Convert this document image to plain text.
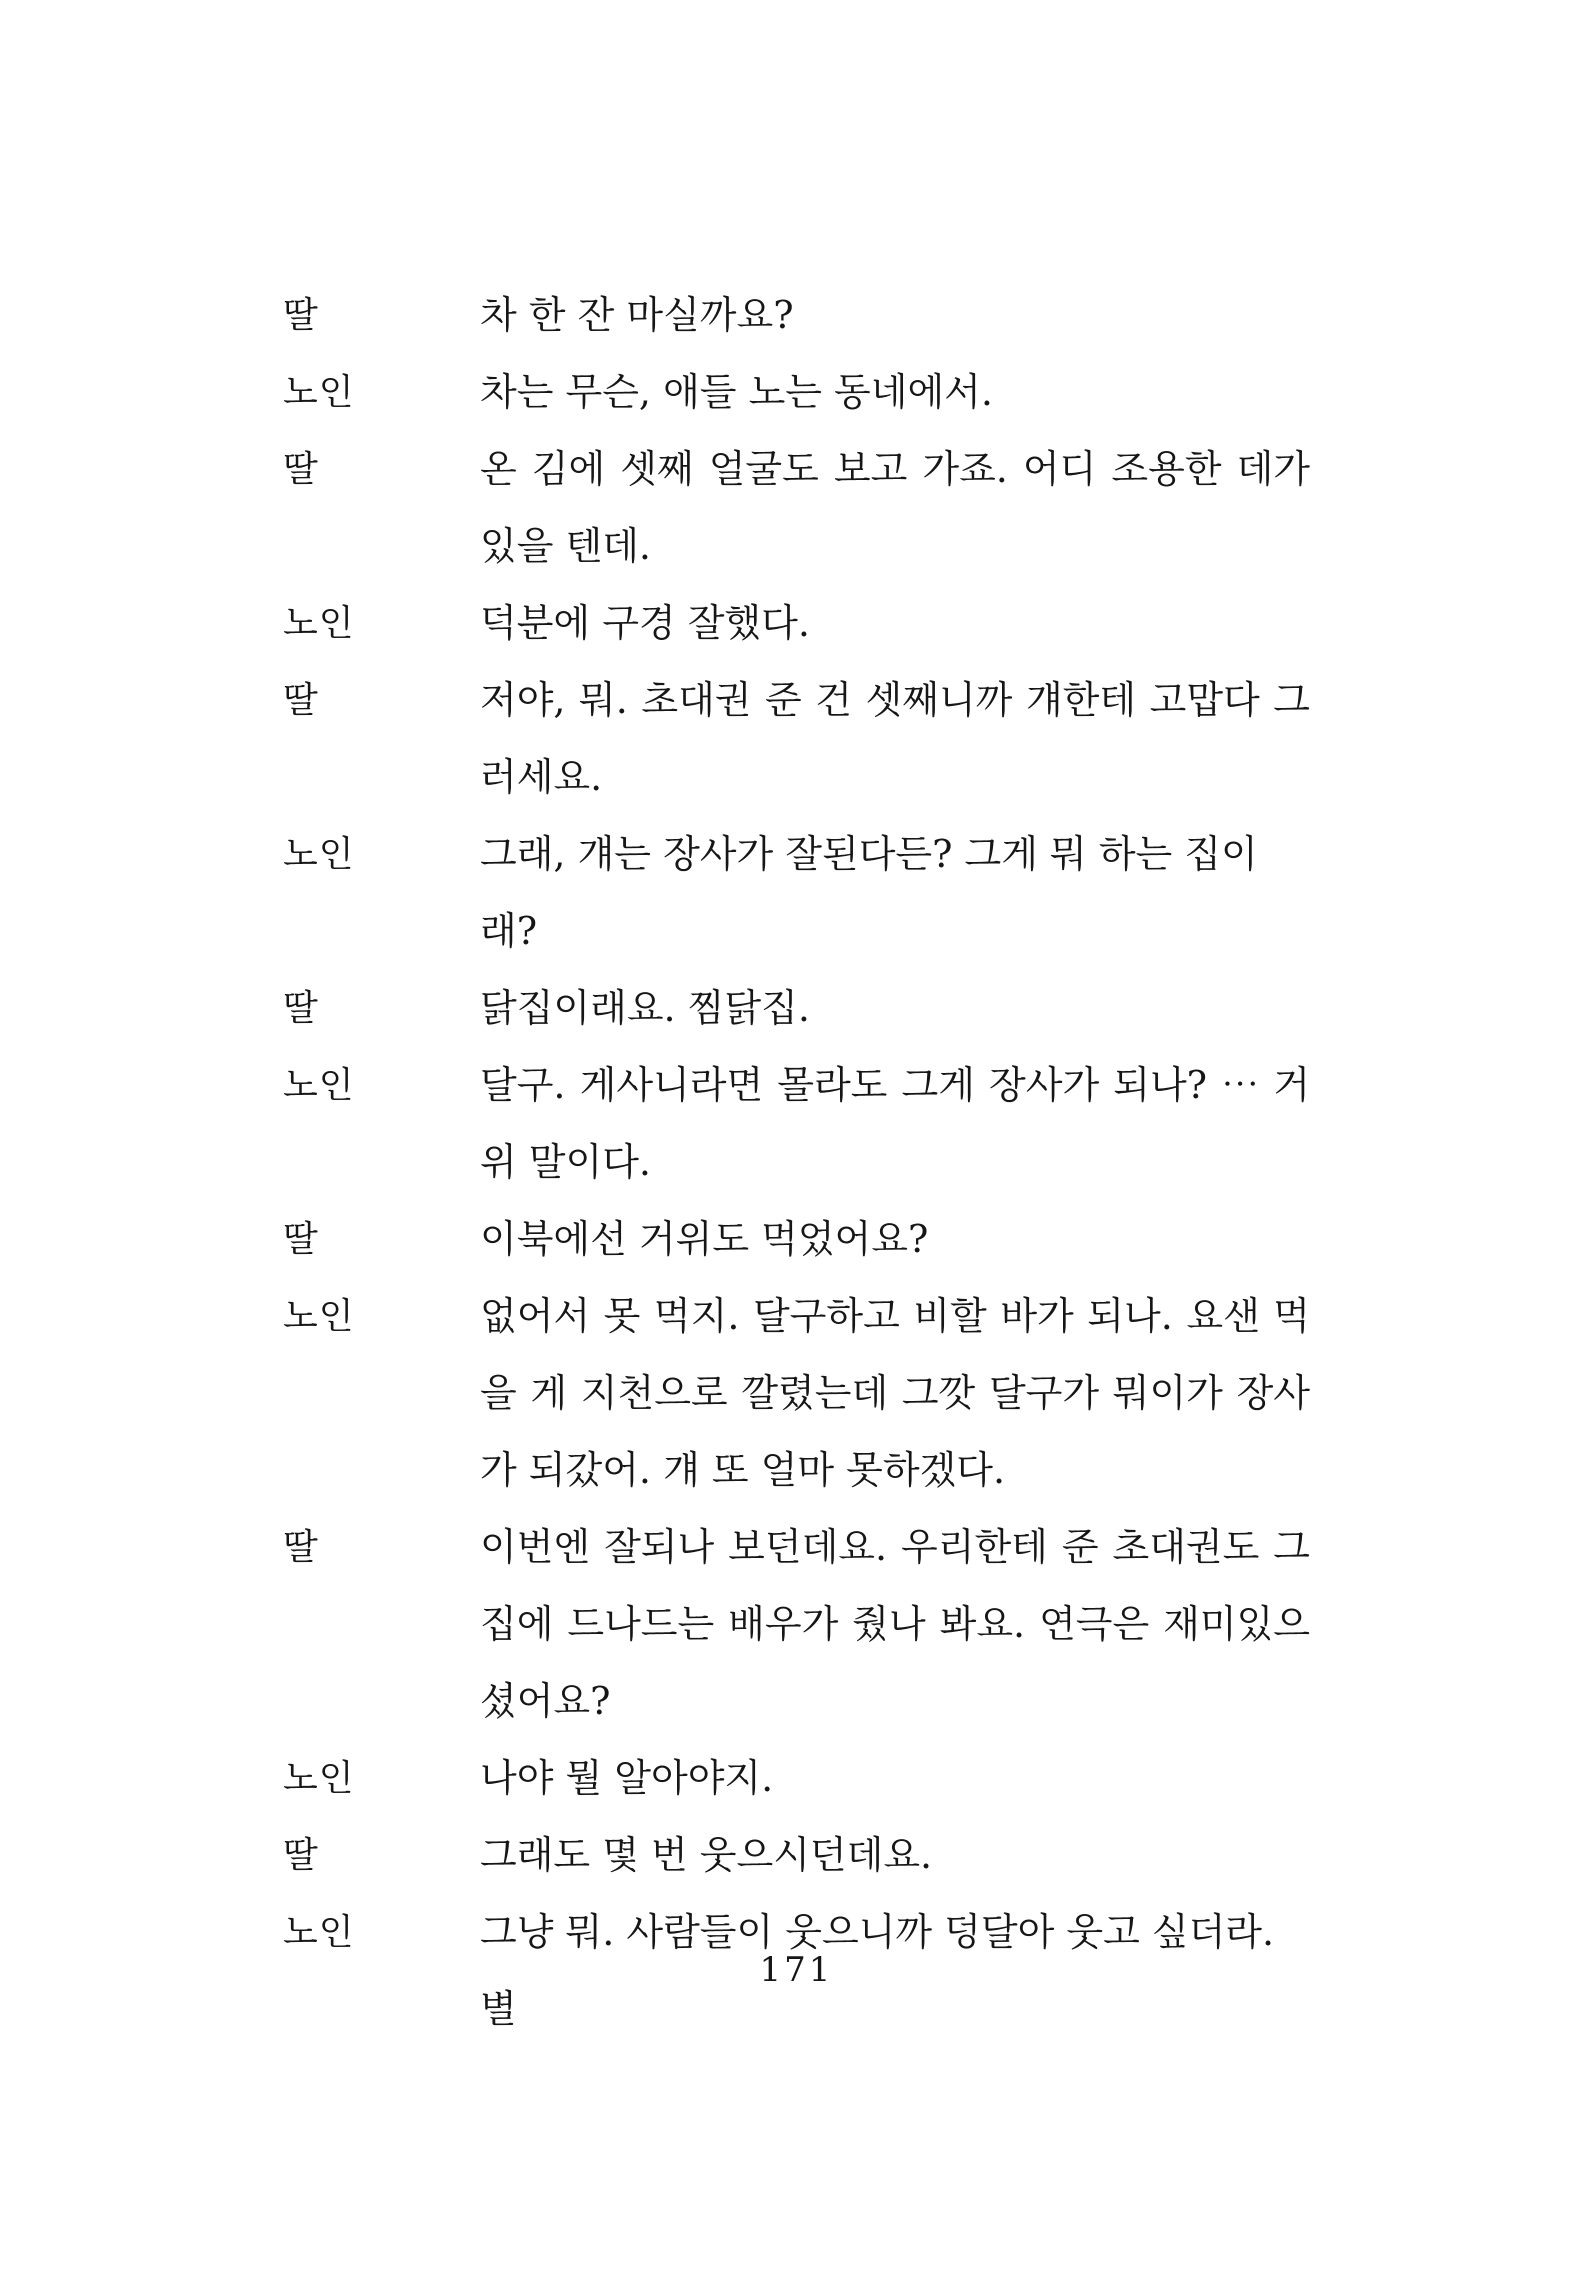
딸	차 한 잔 마실까요?
노인	차는 무슨, 애들 노는 동네에서.
딸	온 김에 셋째 얼굴도 보고 가죠. 어디 조용한 데가
있을 텐데.
노인	덕분에 구경 잘했다.
딸	저야, 뭐. 초대권 준 건 셋째니까 걔한테 고맙다 그
러세요.
노인	그래, 걔는 장사가 잘된다든? 그게 뭐 하는 집이래?
딸	닭집이래요. 찜닭집.
노인	달구. 게사니라면 몰라도 그게 장사가 되나? ⋯ 거
위 말이다.
딸	이북에선 거위도 먹었어요?
노인	없어서 못 먹지. 달구하고 비할 바가 되나. 요샌 먹
을 게 지천으로 깔렸는데 그깟 달구가 뭐이가 장사
가 되갔어. 걔 또 얼마 못하겠다.
딸	이번엔 잘되나 보던데요. 우리한테 준 초대권도 그
집에 드나드는 배우가 줬나 봐요. 연극은 재미있으
셨어요?
노인	나야 뭘 알아야지.
딸	그래도 몇 번 웃으시던데요.
노인	그냥 뭐. 사람들이 웃으니까 덩달아 웃고 싶더라. 별
171
